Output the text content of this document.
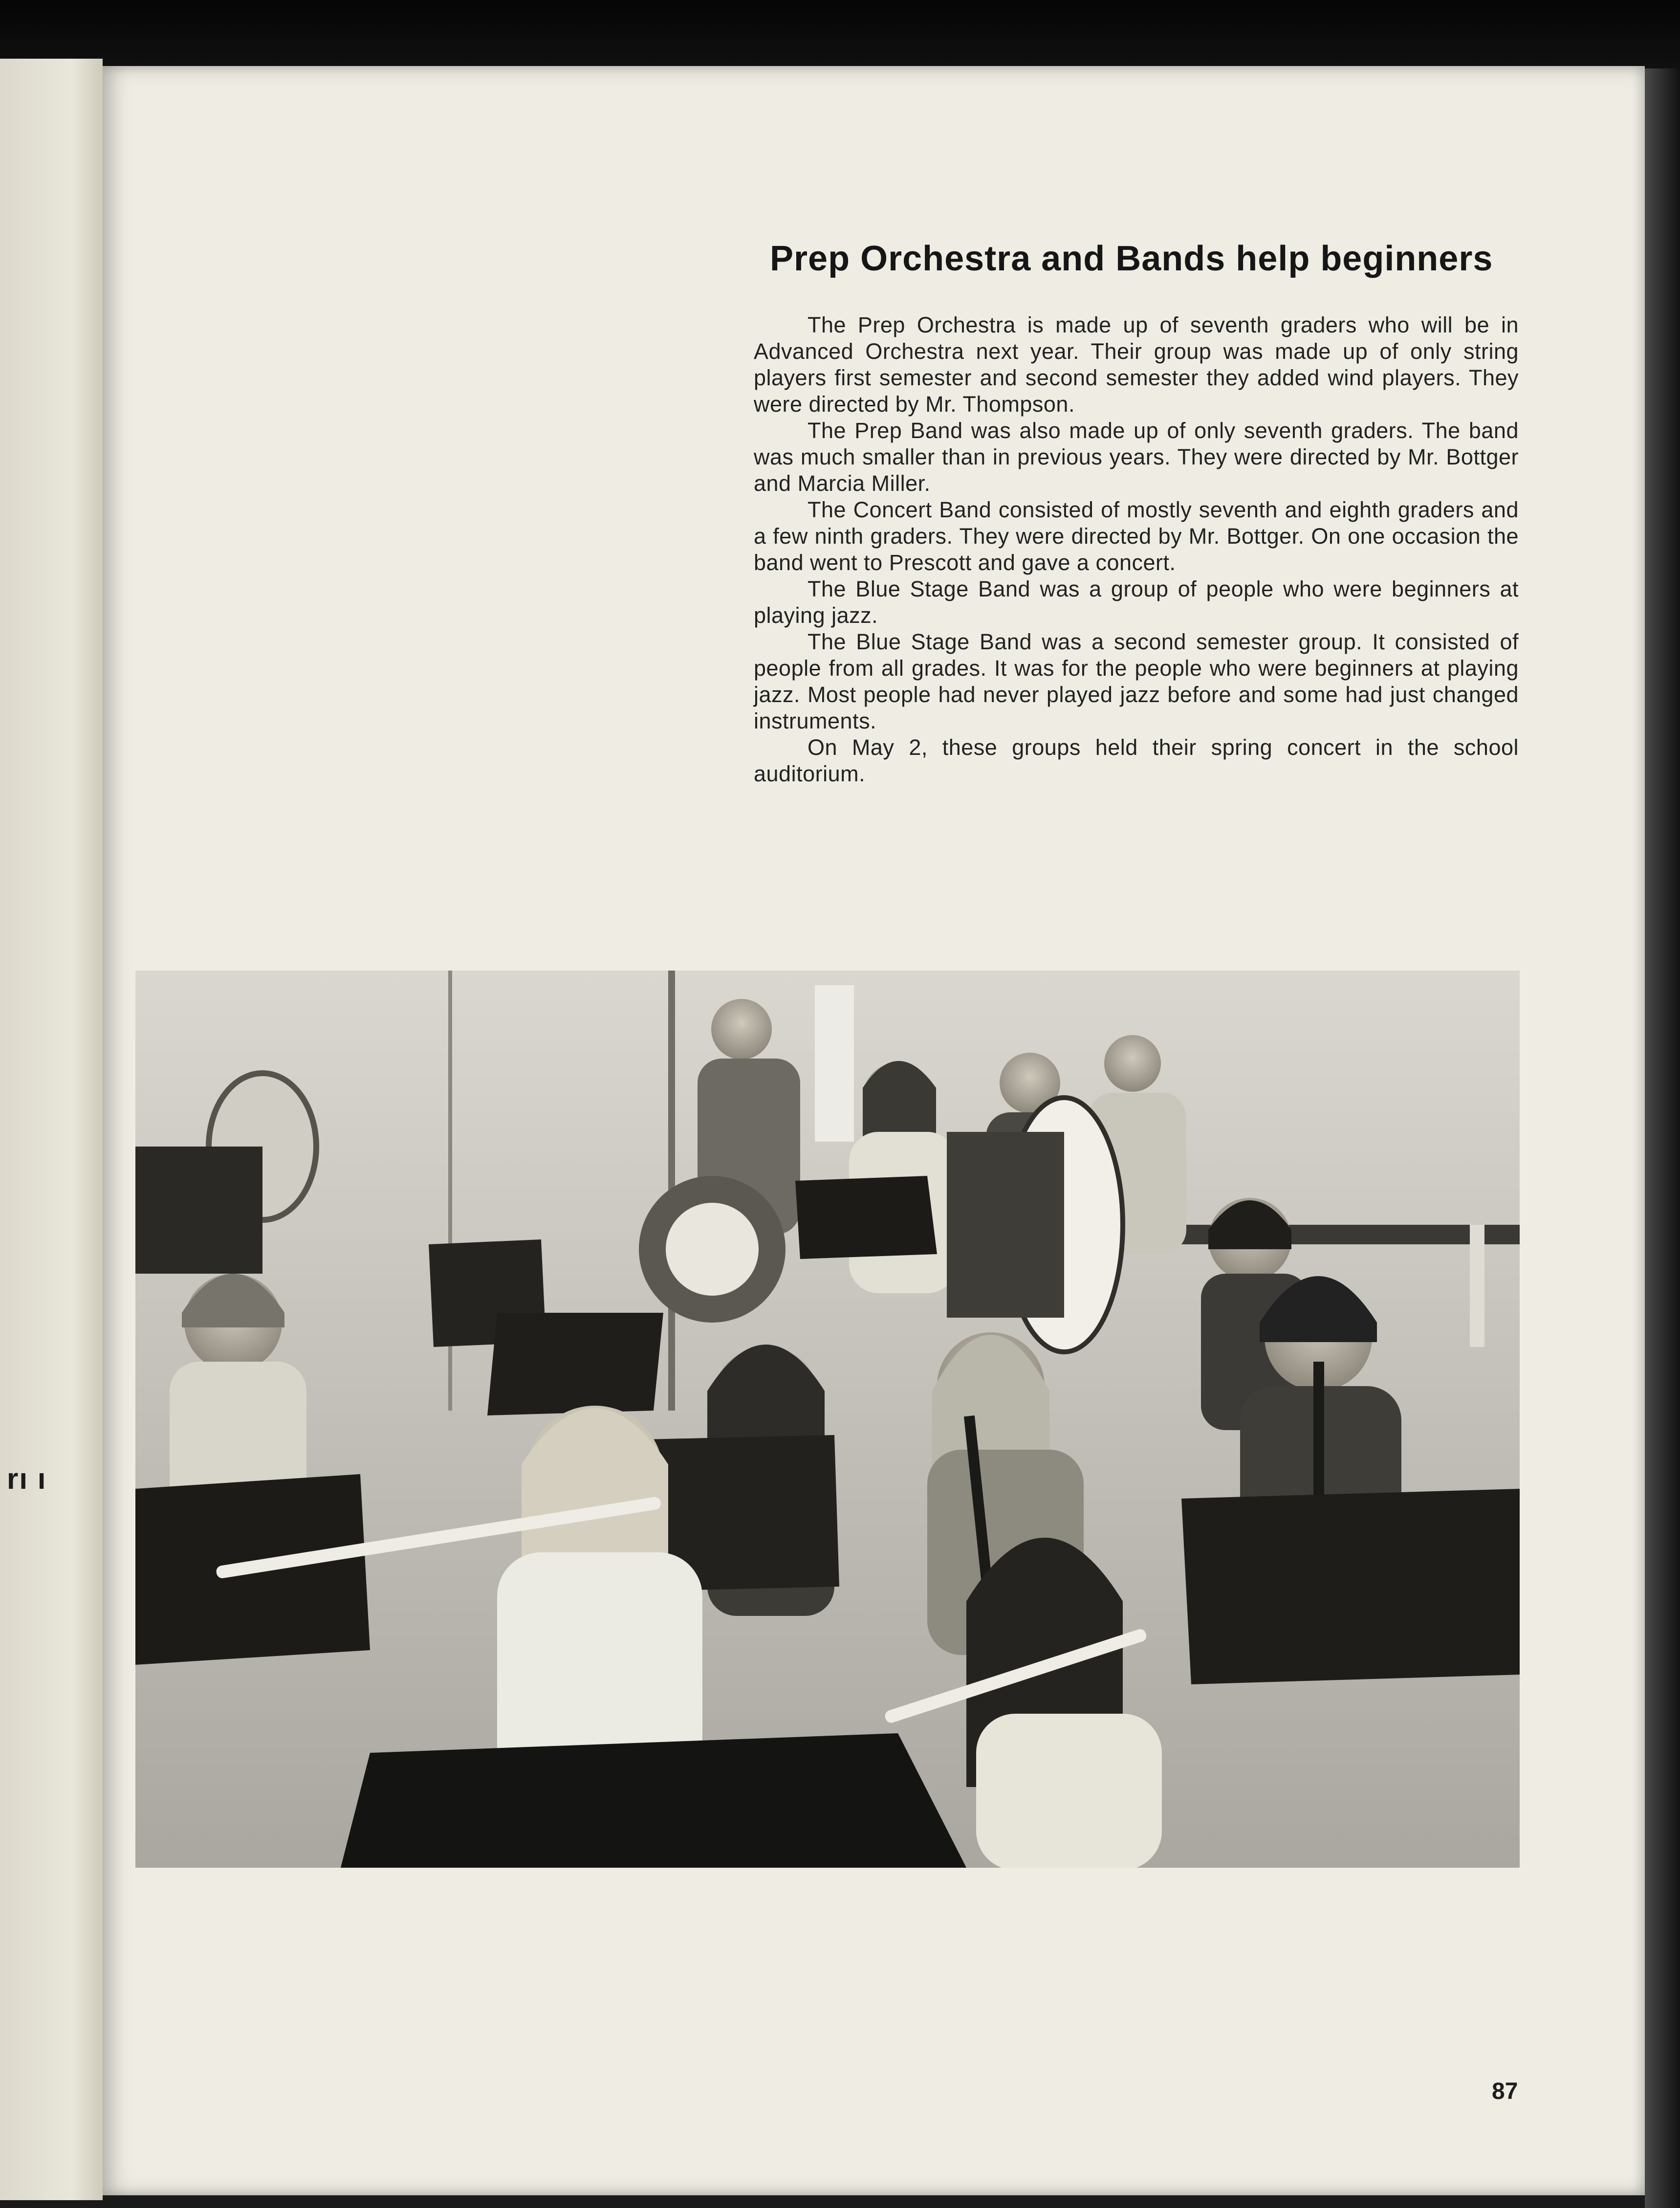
rı ı
Prep Orchestra and Bands help beginners

The Prep Orchestra is made up of seventh graders who will be in Advanced Orchestra next year. Their group was made up of only string players first semester and second semester they added wind players. They were directed by Mr. Thompson.

The Prep Band was also made up of only seventh graders. The band was much smaller than in previous years. They were directed by Mr. Bottger and Marcia Miller.

The Concert Band consisted of mostly seventh and eighth graders and a few ninth graders. They were directed by Mr. Bottger. On one occasion the band went to Prescott and gave a concert.

The Blue Stage Band was a group of people who were beginners at playing jazz.

The Blue Stage Band was a second semester group. It consisted of people from all grades. It was for the people who were beginners at playing jazz. Most people had never played jazz before and some had just changed instruments.

On May 2, these groups held their spring concert in the school auditorium.

87
